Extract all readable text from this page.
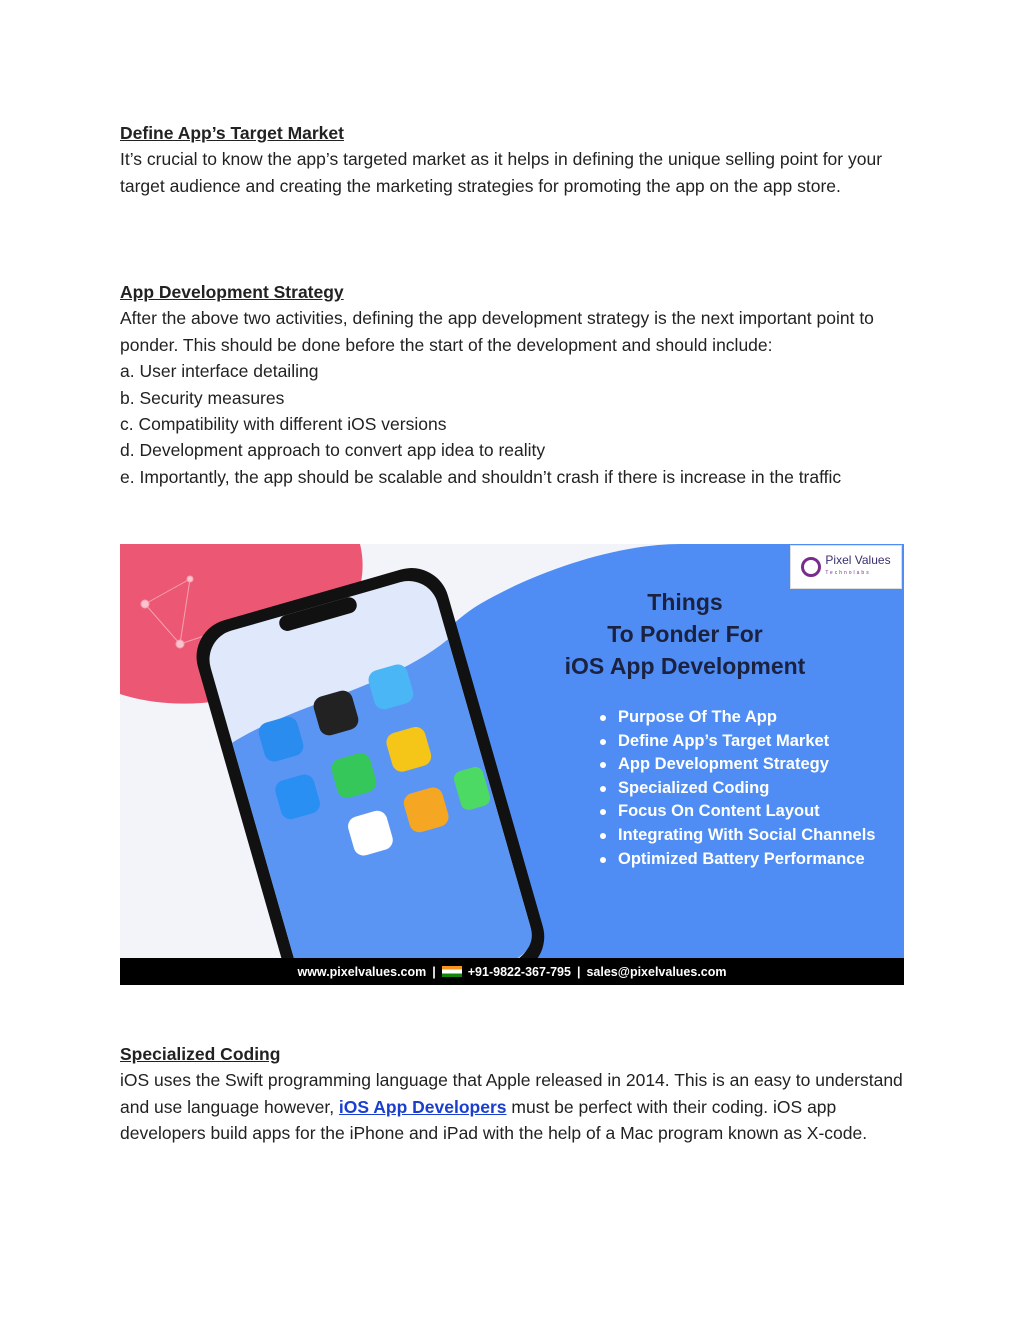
Define App’s Target Market
It’s crucial to know the app’s targeted market as it helps in defining the unique selling point for your target audience and creating the marketing strategies for promoting the app on the app store.
App Development Strategy
After the above two activities, defining the app development strategy is the next important point to ponder. This should be done before the start of the development and should include:
a. User interface detailing
b. Security measures
c. Compatibility with different iOS versions
d. Development approach to convert app idea to reality
e. Importantly, the app should be scalable and shouldn’t crash if there is increase in the traffic
Pixel Values
Technolabs
Things
To Ponder For
iOS App Development
Purpose Of The App
Define App’s Target Market
App Development Strategy
Specialized Coding
Focus On Content Layout
Integrating With Social Channels
Optimized Battery Performance
www.pixelvalues.com |	+91-9822-367-795 | sales@pixelvalues.com
Specialized Coding
iOS uses the Swift programming language that Apple released in 2014. This is an easy to understand and use language however, iOS App Developers must be perfect with their coding. iOS app developers build apps for the iPhone and iPad with the help of a Mac program known as X-code.
